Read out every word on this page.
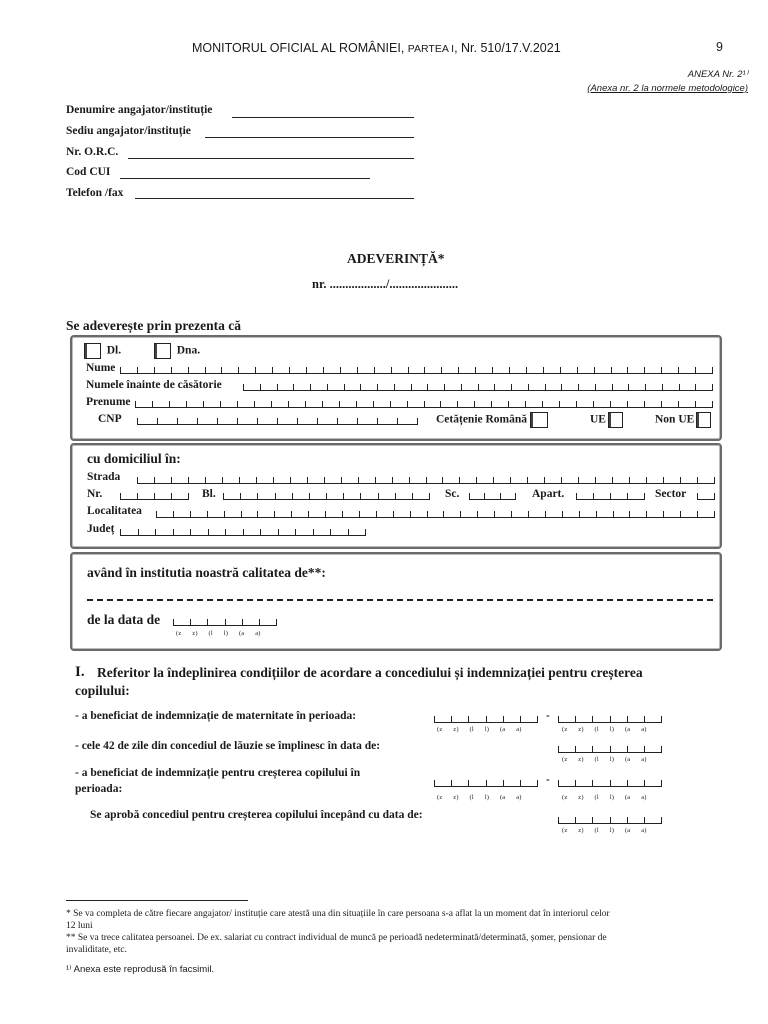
MONITORUL OFICIAL AL ROMÂNIEI, PARTEA I, Nr. 510/17.V.2021	9
ANEXA Nr. 2¹⁾
(Anexa nr. 2 la normele metodologice)
Denumire angajator/instituție
Sediu angajator/instituție
Nr. O.R.C.
Cod CUI
Telefon /fax
ADEVERINȚĂ*
nr. ................../......................
Se adeverește prin prezenta că
Dl.	Dna.
Nume
Numele înainte de căsătorie
Prenume
CNP	Cetățenie Română	UE	Non UE
cu domiciliul în:
Strada
Nr.	Bl.	Sc.	Apart.	Sector
Localitatea
Județ
având în institutia noastră calitatea de**:
de la data de
(z z) (l l) (a a)
I. Referitor la îndeplinirea condițiilor de acordare a concediului și indemnizației pentru creșterea
copilului:
- a beneficiat de indemnizație de maternitate în perioada:	-
(z z) (l l) (a a)	(z z) (l l) (a a)
- cele 42 de zile din concediul de lăuzie se împlinesc în data de:
(z z) (l l) (a a)
- a beneficiat de indemnizație pentru creșterea copilului în
perioada:
-
(z z) (l l) (a a)	(z z) (l l) (a a)
Se aprobă concediul pentru creșterea copilului începând cu data de:
(z z) (l l) (a a)
* Se va completa de către fiecare angajator/ instituție care atestă una din situațiile în care persoana s-a aflat la un moment dat în interiorul celor
12 luni
** Se va trece calitatea persoanei. De ex. salariat cu contract individual de muncă pe perioadă nedeterminată/determinată, șomer, pensionar de
invaliditate, etc.
¹⁾ Anexa este reprodusă în facsimil.
